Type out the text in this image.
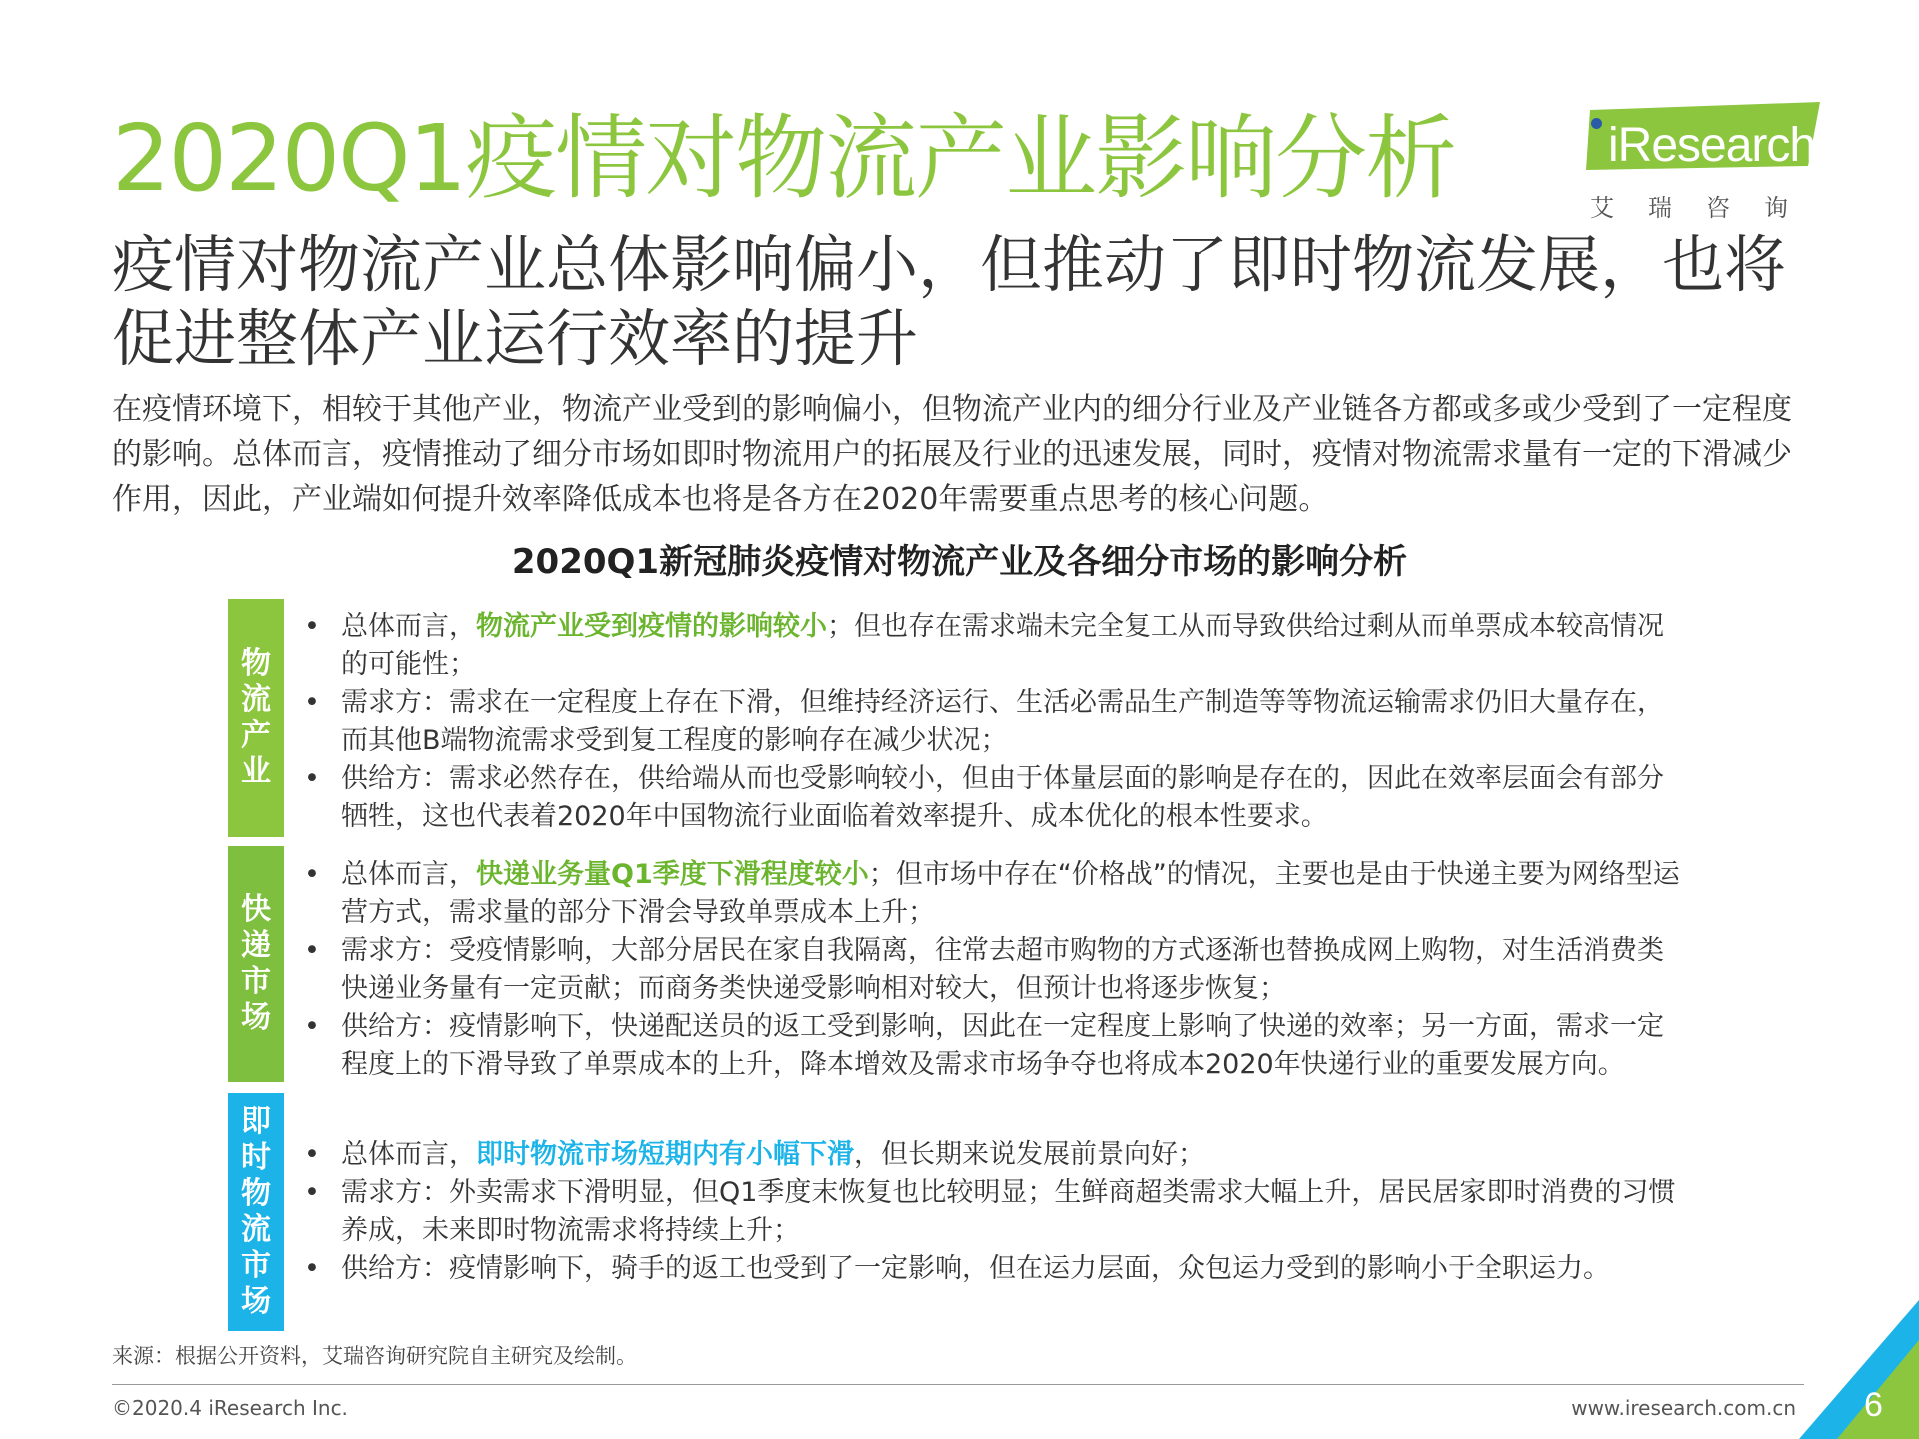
2020Q1疫情对物流产业影响分析	iResearch
艾瑞咨询
疫情对物流产业总体影响偏小，但推动了即时物流发展，也将促进整体产业运行效率的提升
在疫情环境下，相较于其他产业，物流产业受到的影响偏小，但物流产业内的细分行业及产业链各方都或多或少受到了一定程度的影响。总体而言，疫情推动了细分市场如即时物流用户的拓展及行业的迅速发展，同时，疫情对物流需求量有一定的下滑减少作用，因此，产业端如何提升效率降低成本也将是各方在2020年需要重点思考的核心问题。
2020Q1新冠肺炎疫情对物流产业及各细分市场的影响分析
物流产业
• 总体而言，物流产业受到疫情的影响较小；但也存在需求端未完全复工从而导致供给过剩从而单票成本较高情况的可能性；
• 需求方：需求在一定程度上存在下滑，但维持经济运行、生活必需品生产制造等等物流运输需求仍旧大量存在，而其他B端物流需求受到复工程度的影响存在减少状况；
• 供给方：需求必然存在，供给端从而也受影响较小，但由于体量层面的影响是存在的，因此在效率层面会有部分牺牲，这也代表着2020年中国物流行业面临着效率提升、成本优化的根本性要求。
快递市场
• 总体而言，快递业务量Q1季度下滑程度较小；但市场中存在“价格战”的情况，主要也是由于快递主要为网络型运营方式，需求量的部分下滑会导致单票成本上升；
• 需求方：受疫情影响，大部分居民在家自我隔离，往常去超市购物的方式逐渐也替换成网上购物，对生活消费类快递业务量有一定贡献；而商务类快递受影响相对较大，但预计也将逐步恢复；
• 供给方：疫情影响下，快递配送员的返工受到影响，因此在一定程度上影响了快递的效率；另一方面，需求一定程度上的下滑导致了单票成本的上升，降本增效及需求市场争夺也将成本2020年快递行业的重要发展方向。
即时物流市场
• 总体而言，即时物流市场短期内有小幅下滑，但长期来说发展前景向好；
• 需求方：外卖需求下滑明显，但Q1季度末恢复也比较明显；生鲜商超类需求大幅上升，居民居家即时消费的习惯养成，未来即时物流需求将持续上升；
• 供给方：疫情影响下，骑手的返工也受到了一定影响，但在运力层面，众包运力受到的影响小于全职运力。
来源：根据公开资料，艾瑞咨询研究院自主研究及绘制。
©2020.4 iResearch Inc.	www.iresearch.com.cn 6
